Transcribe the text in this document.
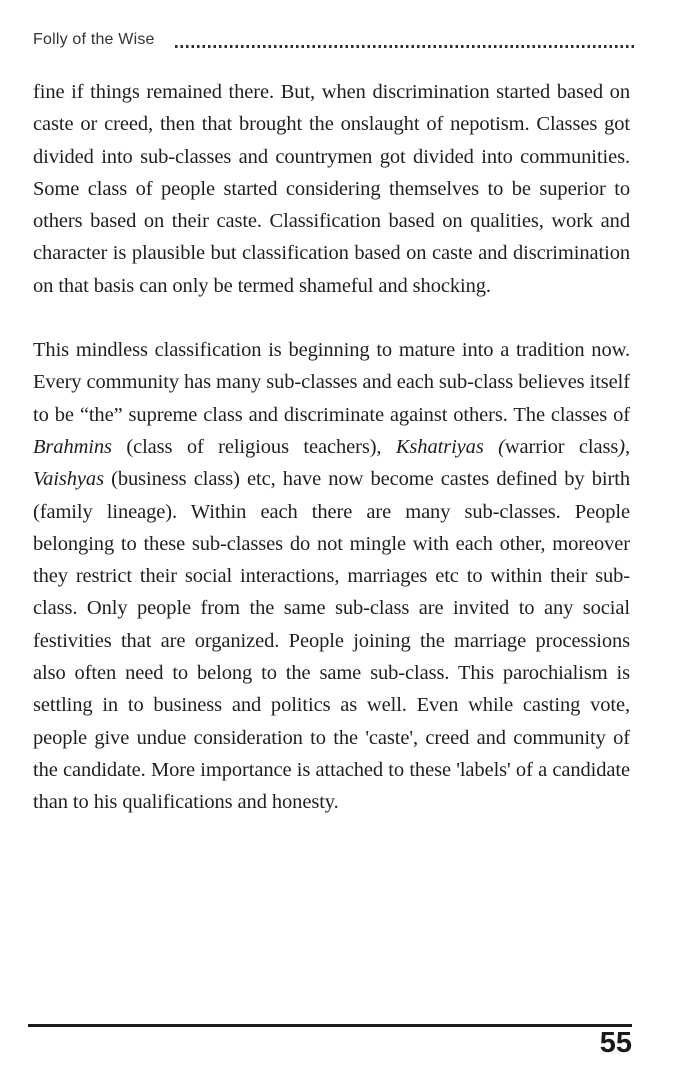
Folly of the Wise

fine if things remained there. But, when discrimination started based on caste or creed, then that brought the onslaught of nepotism. Classes got divided into sub-classes and countrymen got divided into communities. Some class of people started considering themselves to be superior to others based on their caste. Classification based on qualities, work and character is plausible but classification based on caste and discrimination on that basis can only be termed shameful and shocking.

This mindless classification is beginning to mature into a tradition now. Every community has many sub-classes and each sub-class believes itself to be “the” supreme class and discriminate against others. The classes of Brahmins (class of religious teachers), Kshatriyas (warrior class), Vaishyas (business class) etc, have now become castes defined by birth (family lineage). Within each there are many sub-classes. People belonging to these sub-classes do not mingle with each other, moreover they restrict their social interactions, marriages etc to within their sub-class. Only people from the same sub-class are invited to any social festivities that are organized. People joining the marriage processions also often need to belong to the same sub-class. This parochialism is settling in to business and politics as well. Even while casting vote, people give undue consideration to the 'caste', creed and community of the candidate. More importance is attached to these 'labels' of a candidate than to his qualifications and honesty.

55
